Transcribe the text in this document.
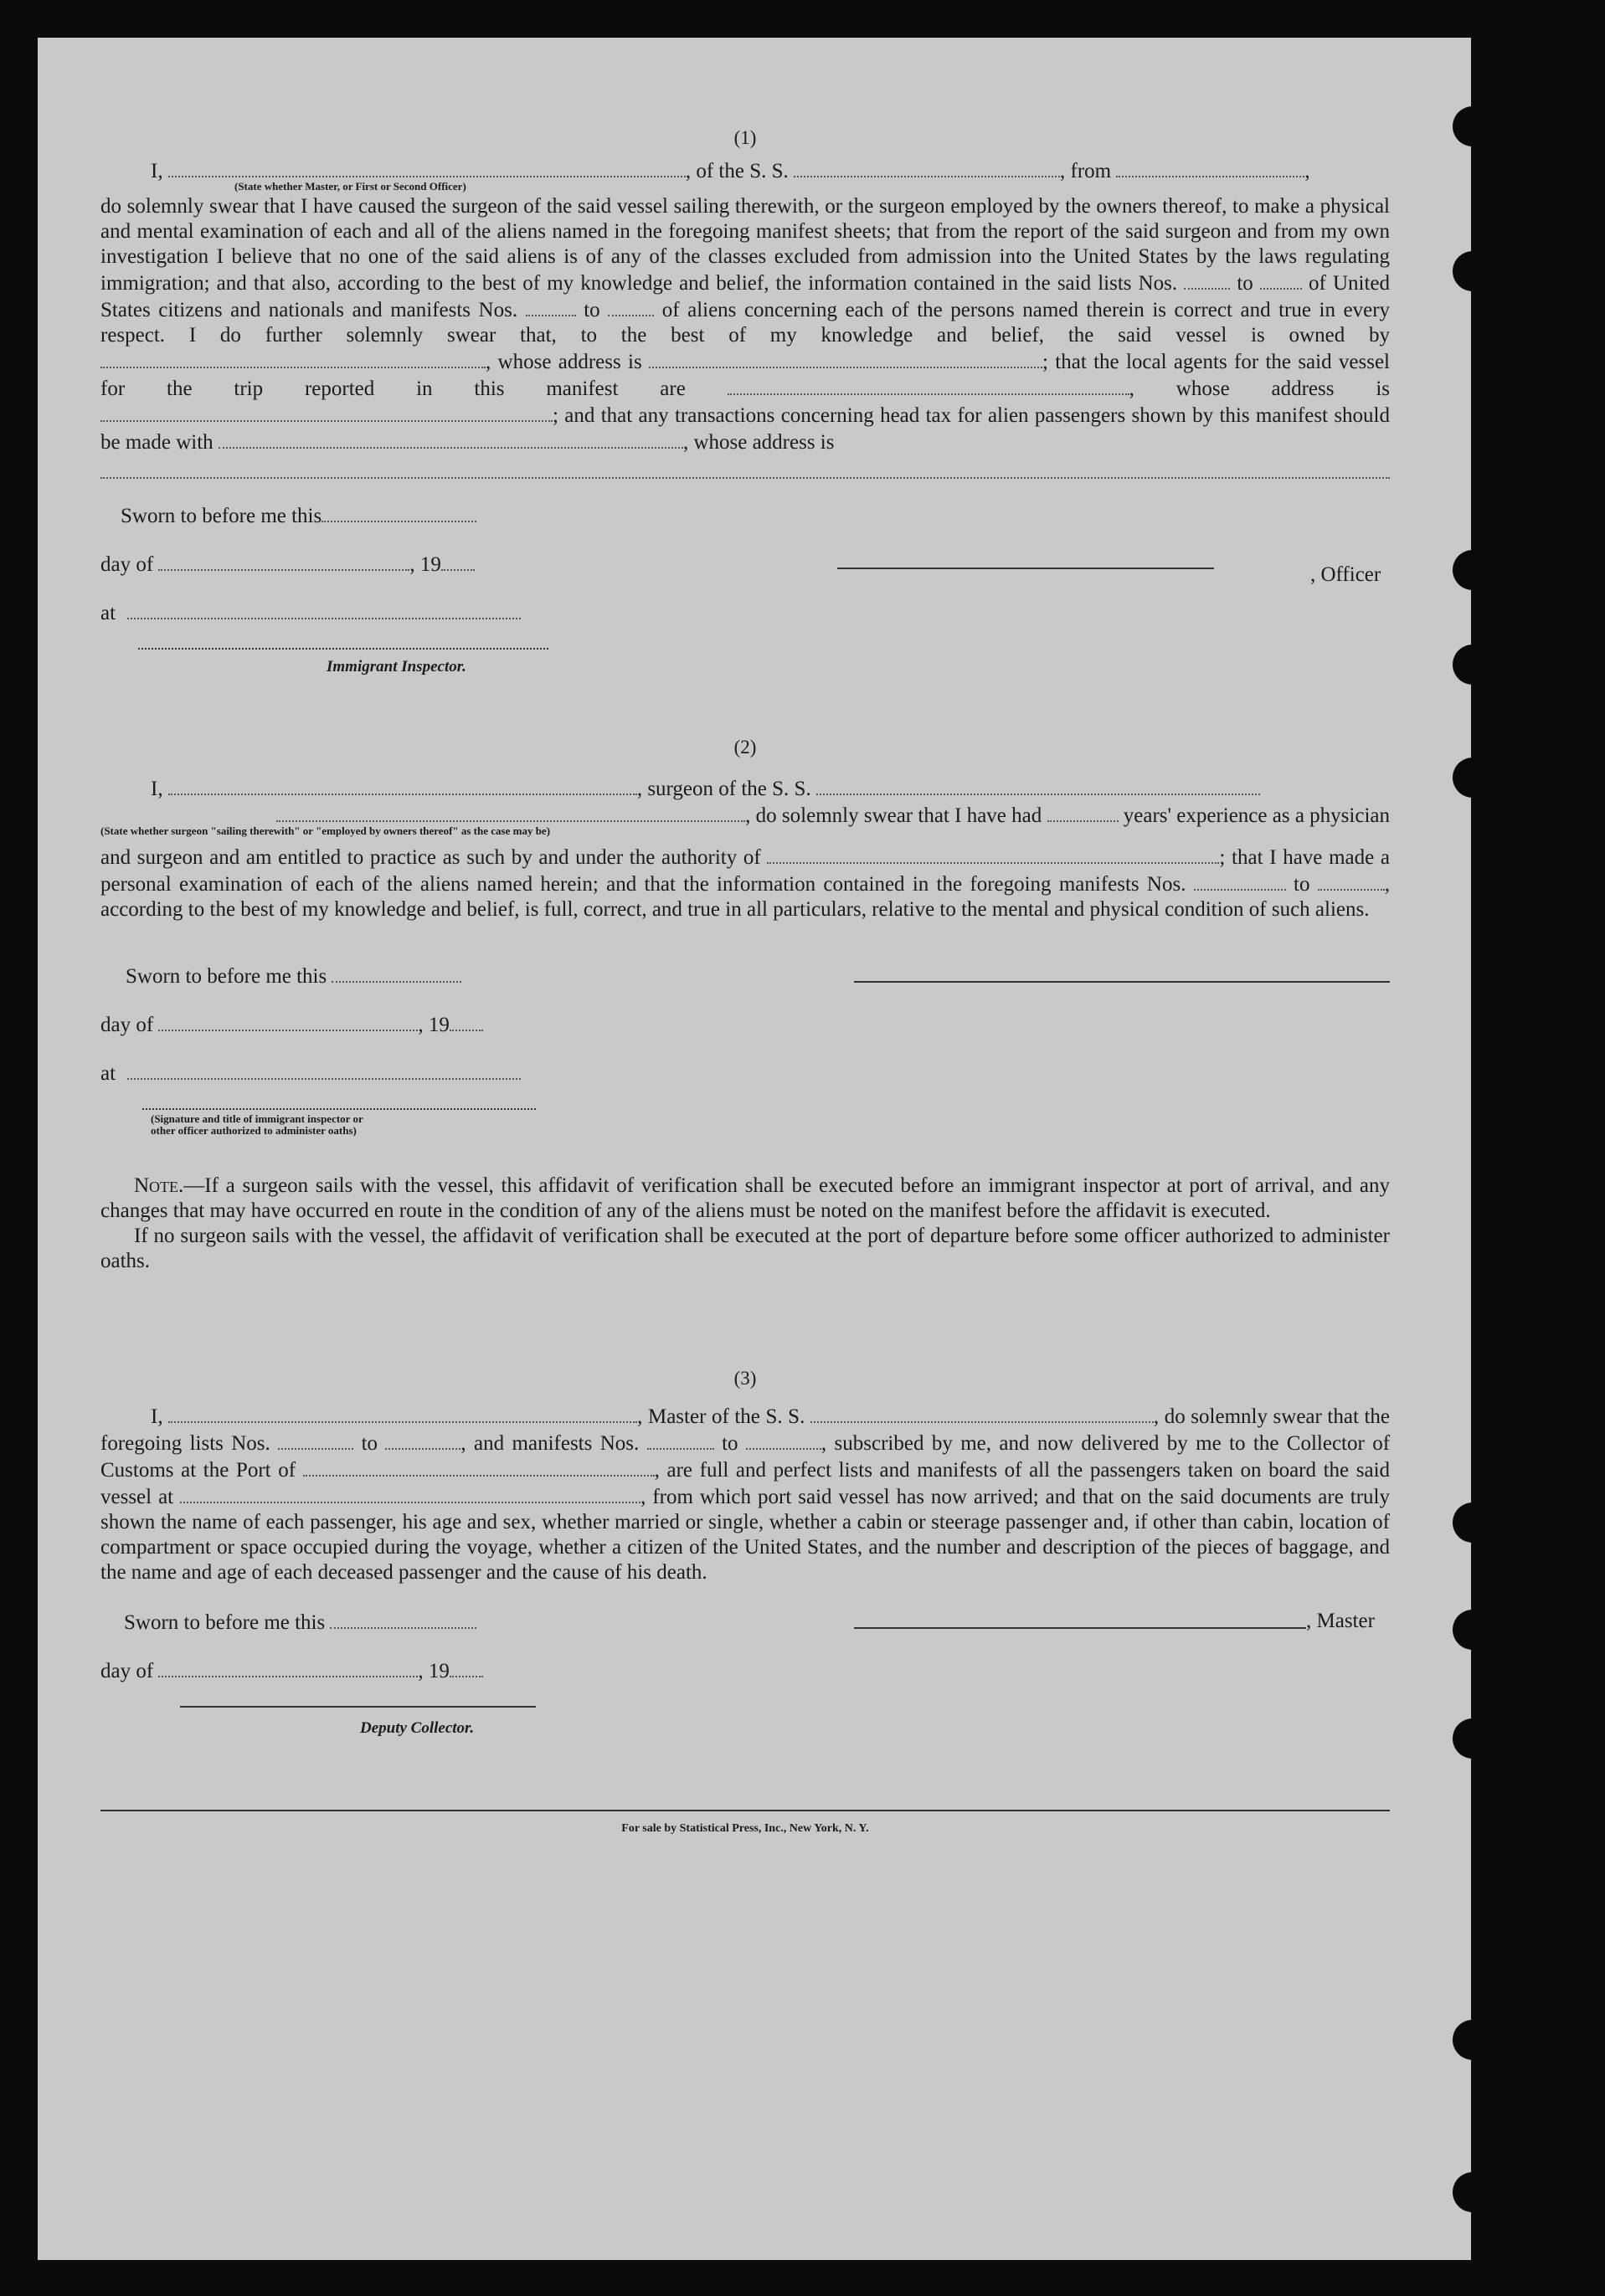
(1)

I,	, of the S. S.	, from	,
(State whether Master, or First or Second Officer)

do solemnly swear that I have caused the surgeon of the said vessel sailing therewith, or the surgeon employed by the owners thereof, to make a physical and mental examination of each and all of the aliens named in the foregoing manifest sheets; that from the report of the said surgeon and from my own investigation I believe that no one of the said aliens is of any of the classes excluded from admission into the United States by the laws regulating immigration; and that also, according to the best of my knowledge and belief, the information contained in the said lists Nos.	to	of United States citizens and nationals and manifests Nos.	to	of aliens concerning each of the persons named therein is correct and true in every respect. I do further solemnly swear that, to the best of my knowledge and belief, the said vessel is owned by , whose address is	; that the local agents for the said vessel for the trip reported in this manifest are	, whose address is ; and that any transactions concerning head tax for alien passengers shown by this manifest should be made with	, whose address is

Sworn to before me this
day of	, 19	, Officer
at
Immigrant Inspector.

(2)

I,	, surgeon of the S. S.
, do solemnly swear that I have had	years' experience as a physician
(State whether surgeon "sailing therewith" or "employed by owners thereof" as the case may be)

and surgeon and am entitled to practice as such by and under the authority of	; that I have made a personal examination of each of the aliens named herein; and that the information contained in the foregoing manifests Nos.	to	, according to the best of my knowledge and belief, is full, correct, and true in all particulars, relative to the mental and physical condition of such aliens.

Sworn to before me this
day of	, 19
at
(Signature and title of immigrant inspector or
other officer authorized to administer oaths)

Note.—If a surgeon sails with the vessel, this affidavit of verification shall be executed before an immigrant inspector at port of arrival, and any changes that may have occurred en route in the condition of any of the aliens must be noted on the manifest before the affidavit is executed.

If no surgeon sails with the vessel, the affidavit of verification shall be executed at the port of departure before some officer authorized to administer oaths.

(3)

I,	, Master of the S. S.	, do solemnly swear that the foregoing lists Nos.	to	, and manifests Nos.	to	, subscribed by me, and now delivered by me to the Collector of Customs at the Port of	, are full and perfect lists and manifests of all the passengers taken on board the said vessel at	, from which port said vessel has now arrived; and that on the said documents are truly shown the name of each passenger, his age and sex, whether married or single, whether a cabin or steerage passenger and, if other than cabin, location of compartment or space occupied during the voyage, whether a citizen of the United States, and the number and description of the pieces of baggage, and the name and age of each deceased passenger and the cause of his death.

Sworn to before me this	, Master
day of	, 19
Deputy Collector.
For sale by Statistical Press, Inc., New York, N. Y.
